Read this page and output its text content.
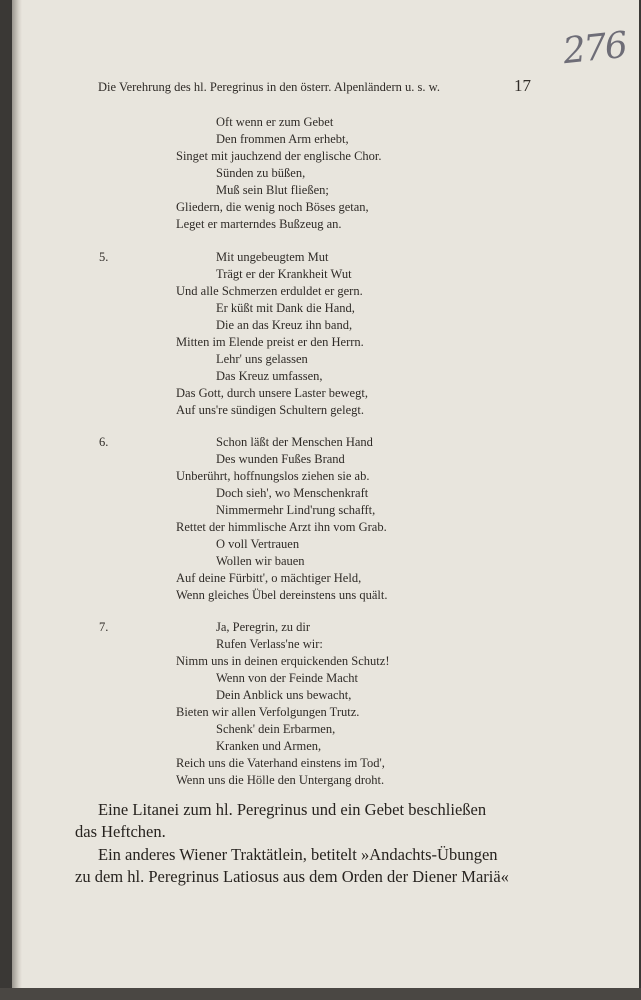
276
Die Verehrung des hl. Peregrinus in den österr. Alpenländern u. s. w.	17
Oft wenn er zum Gebet
Den frommen Arm erhebt,
Singet mit jauchzend der englische Chor.
Sünden zu büßen,
Muß sein Blut fließen;
Gliedern, die wenig noch Böses getan,
Leget er marterndes Bußzeug an.
5.	Mit ungebeugtem Mut
Trägt er der Krankheit Wut
Und alle Schmerzen erduldet er gern.
Er küßt mit Dank die Hand,
Die an das Kreuz ihn band,
Mitten im Elende preist er den Herrn.
Lehr' uns gelassen
Das Kreuz umfassen,
Das Gott, durch unsere Laster bewegt,
Auf uns're sündigen Schultern gelegt.
6.	Schon läßt der Menschen Hand
Des wunden Fußes Brand
Unberührt, hoffnungslos ziehen sie ab.
Doch sieh', wo Menschenkraft
Nimmermehr Lind'rung schafft,
Rettet der himmlische Arzt ihn vom Grab.
O voll Vertrauen
Wollen wir bauen
Auf deine Fürbitt', o mächtiger Held,
Wenn gleiches Übel dereinstens uns quält.
7.	Ja, Peregrin, zu dir
Rufen Verlass'ne wir:
Nimm uns in deinen erquickenden Schutz!
Wenn von der Feinde Macht
Dein Anblick uns bewacht,
Bieten wir allen Verfolgungen Trutz.
Schenk' dein Erbarmen,
Kranken und Armen,
Reich uns die Vaterhand einstens im Tod',
Wenn uns die Hölle den Untergang droht.
Eine Litanei zum hl. Peregrinus und ein Gebet beschließen
das Heftchen.
Ein anderes Wiener Traktätlein, betitelt »Andachts-Übungen
zu dem hl. Peregrinus Latiosus aus dem Orden der Diener Mariä«
